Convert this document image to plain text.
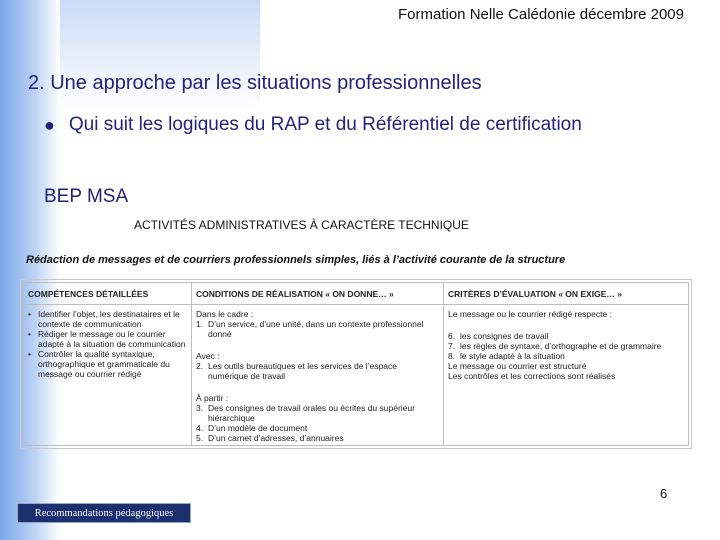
Formation Nelle Calédonie décembre 2009
2. Une approche par les situations professionnelles
● Qui suit les logiques du RAP et du Référentiel de certification
BEP MSA
ACTIVITÉS ADMINISTRATIVES À CARACTÈRE TECHNIQUE
Rédaction de messages et de courriers professionnels simples, liés à l’activité courante de la structure
COMPÉTENCES DÉTAILLÉES
• Identifier l’objet, les destinataires et le contexte de communication
• Rédiger le message ou le courrier adapté à la situation de communication
• Contrôler la qualité syntaxique, orthographique et grammaticale du message ou courrier rédigé
CONDITIONS DE RÉALISATION « ON DONNE… »
Dans le cadre :
1. D’un service, d’une unité, dans un contexte professionnel donné
Avec :
2. Les outils bureautiques et les services de l’espace numérique de travail
À partir :
3. Des consignes de travail orales ou écrites du supérieur hiérarchique
4. D’un modèle de document
5. D’un carnet d’adresses, d’annuaires
CRITÈRES D’ÉVALUATION « ON EXIGE… »
Le message ou le courrier rédigé respecte :
6. les consignes de travail
7. les règles de syntaxe, d’orthographe et de grammaire
8. le style adapté à la situation
Le message ou courrier est structuré
Les contrôles et les corrections sont réalisés
6
Recommandations pédagogiques
